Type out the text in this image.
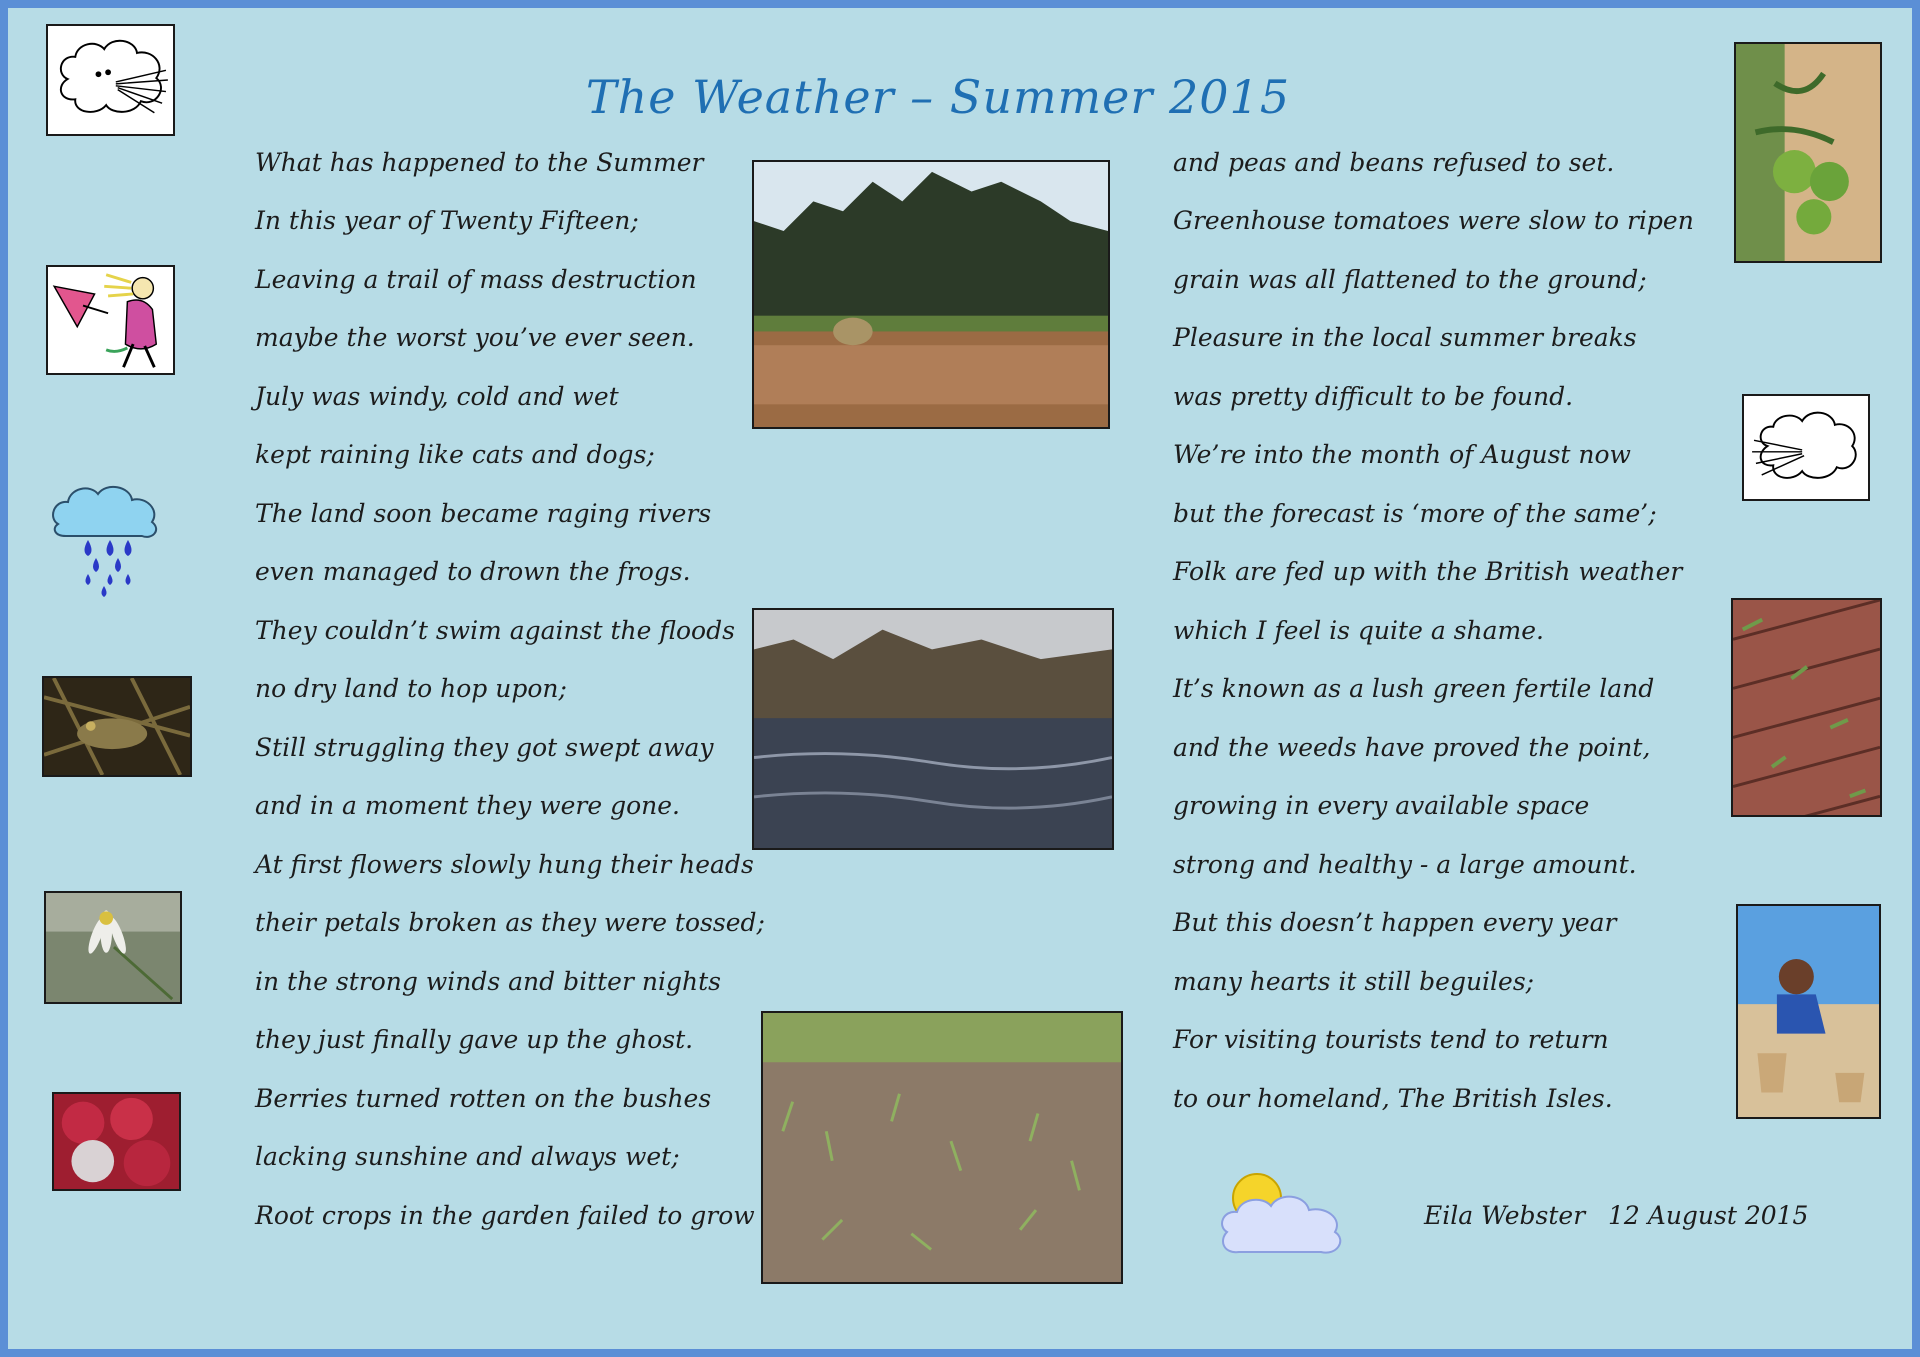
The Weather – Summer 2015
What has happened to the Summer
In this year of Twenty Fifteen;
Leaving a trail of mass destruction
maybe the worst you’ve ever seen.
July was windy, cold and wet
kept raining like cats and dogs;
The land soon became raging rivers
even managed to drown the frogs.
They couldn’t swim against the floods
no dry land to hop upon;
Still struggling they got swept away
and in a moment they were gone.
At first flowers slowly hung their heads
their petals broken as they were tossed;
in the strong winds and bitter nights
they just finally gave up the ghost.
Berries turned rotten on the bushes
lacking sunshine and always wet;
Root crops in the garden failed to grow
and peas and beans refused to set.
Greenhouse tomatoes were slow to ripen
grain was all flattened to the ground;
Pleasure in the local summer breaks
was pretty difficult to be found.
We’re into the month of August now
but the forecast is ‘more of the same’;
Folk are fed up with the British weather
which I feel is quite a shame.
It’s known as a lush green fertile land
and the weeds have proved the point,
growing in every available space
strong and healthy - a large amount.
But this doesn’t happen every year
many hearts it still beguiles;
For visiting tourists tend to return
to our homeland, The British Isles.
Eila Webster 12 August 2015
